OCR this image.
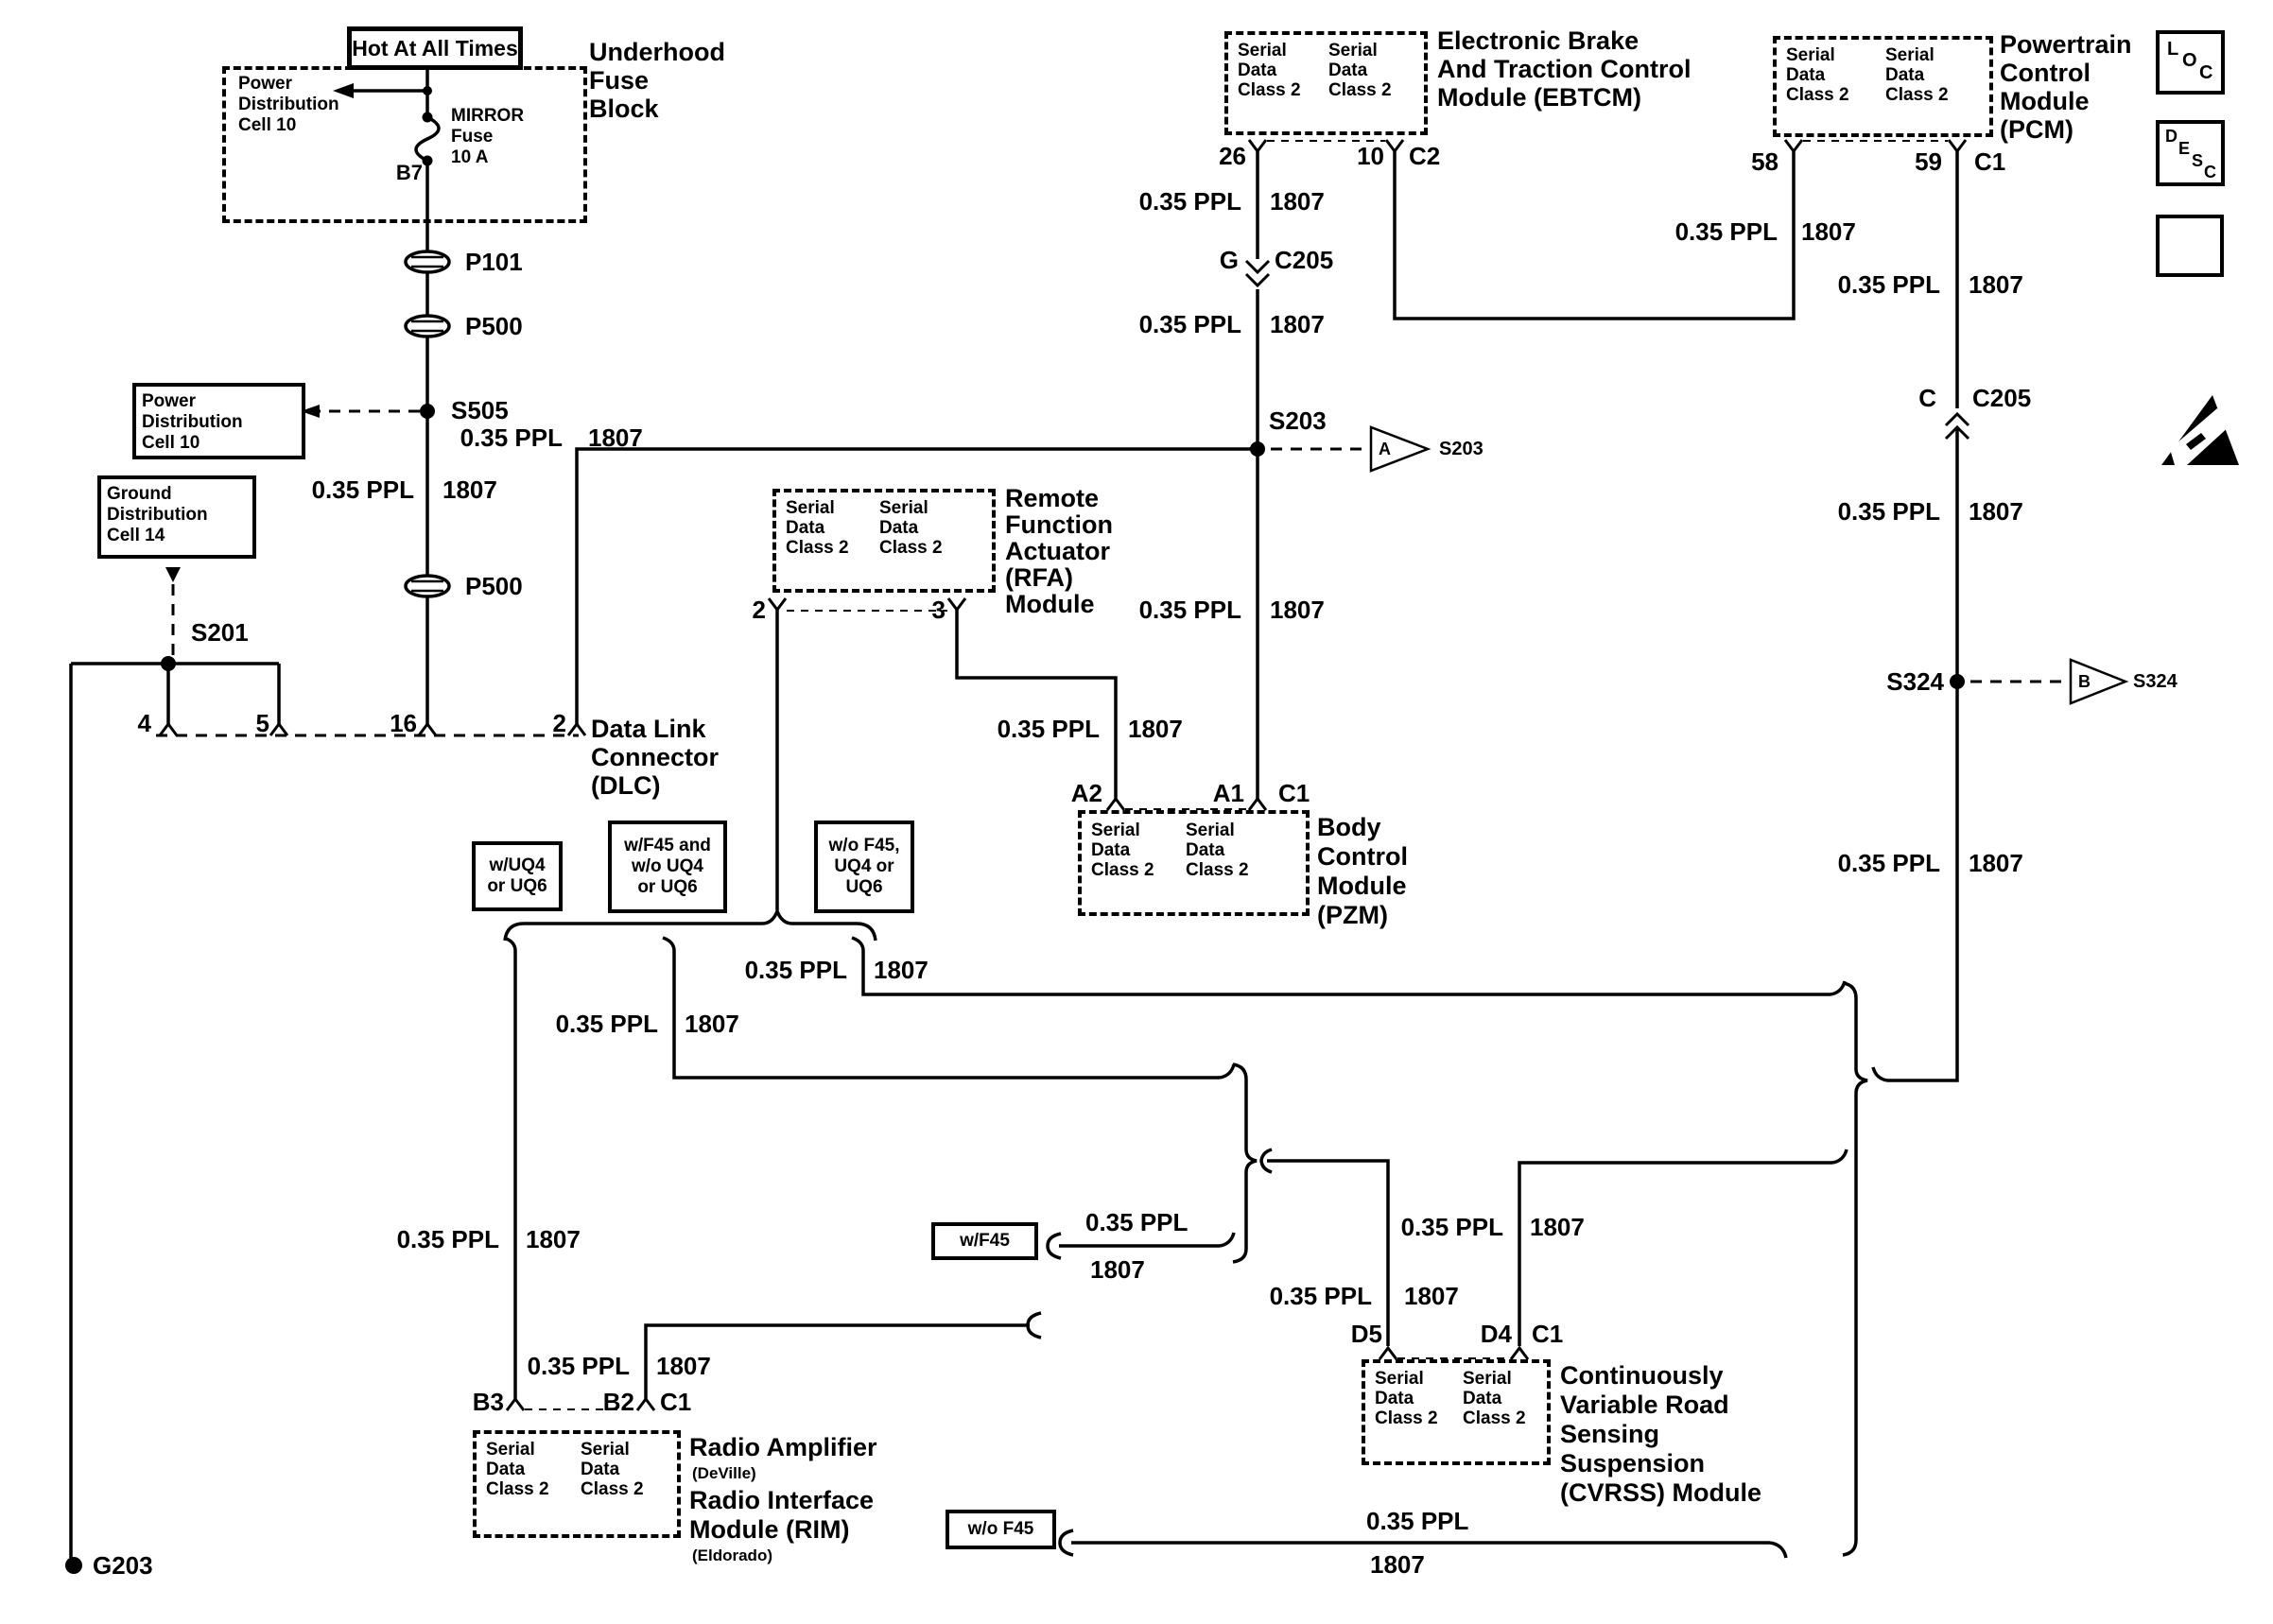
Hot At All Times
Power
Distribution
Cell 10	MIRROR
Fuse
10 A
B7
Underhood
Fuse
Block
P101
P500
S505
Power
Distribution
Cell 10
0.35 PPL 1807
P500
Ground
Distribution
Cell 14
S201
4	5	16	2 Data Link
Connector
(DLC)
0.35 PPL 1807
Serial
Data
Class 2
Serial
Data
Class 2
2	3
Remote
Function
Actuator
(RFA)
Module
0.35 PPL 1807
Serial
Data
Class 2
Serial
Data
Class 2
26	10 C2
Electronic Brake
And Traction Control
Module (EBTCM)
0.35 PPL 1807
G C205
0.35 PPL 1807
S203
A	S203
0.35 PPL 1807
Serial
Data
Class 2
Serial
Data
Class 2
58	59 C1
Powertrain
Control
Module
(PCM)
0.35 PPL 1807
0.35 PPL 1807
C C205
0.35 PPL 1807
S324	B S324
0.35 PPL 1807
Serial
Data
Class 2
Serial
Data
Class 2
A2	A1 C1
Body
Control
Module
(PZM)
w/UQ4
or UQ6
w/F45 and
w/o UQ4
or UQ6
w/o F45,
UQ4 or
UQ6
0.35 PPL 1807
0.35 PPL 1807
0.35 PPL 1807
0.35 PPL 1807
w/F45
0.35 PPL
1807
w/o F45	0.35 PPL
1807
0.35 PPL 1807
0.35 PPL 1807
Serial
Data
Class 2
Serial
Data
Class 2
D5	D4 C1
Continuously
Variable Road
Sensing
Suspension
(CVRSS) Module
Serial
Data
Class 2
Serial
Data
Class 2
B3	B2 C1
Radio Amplifier
(DeVille)
Radio Interface
Module (RIM)
(Eldorado)
G203
L
O
C
D
E
S
C
